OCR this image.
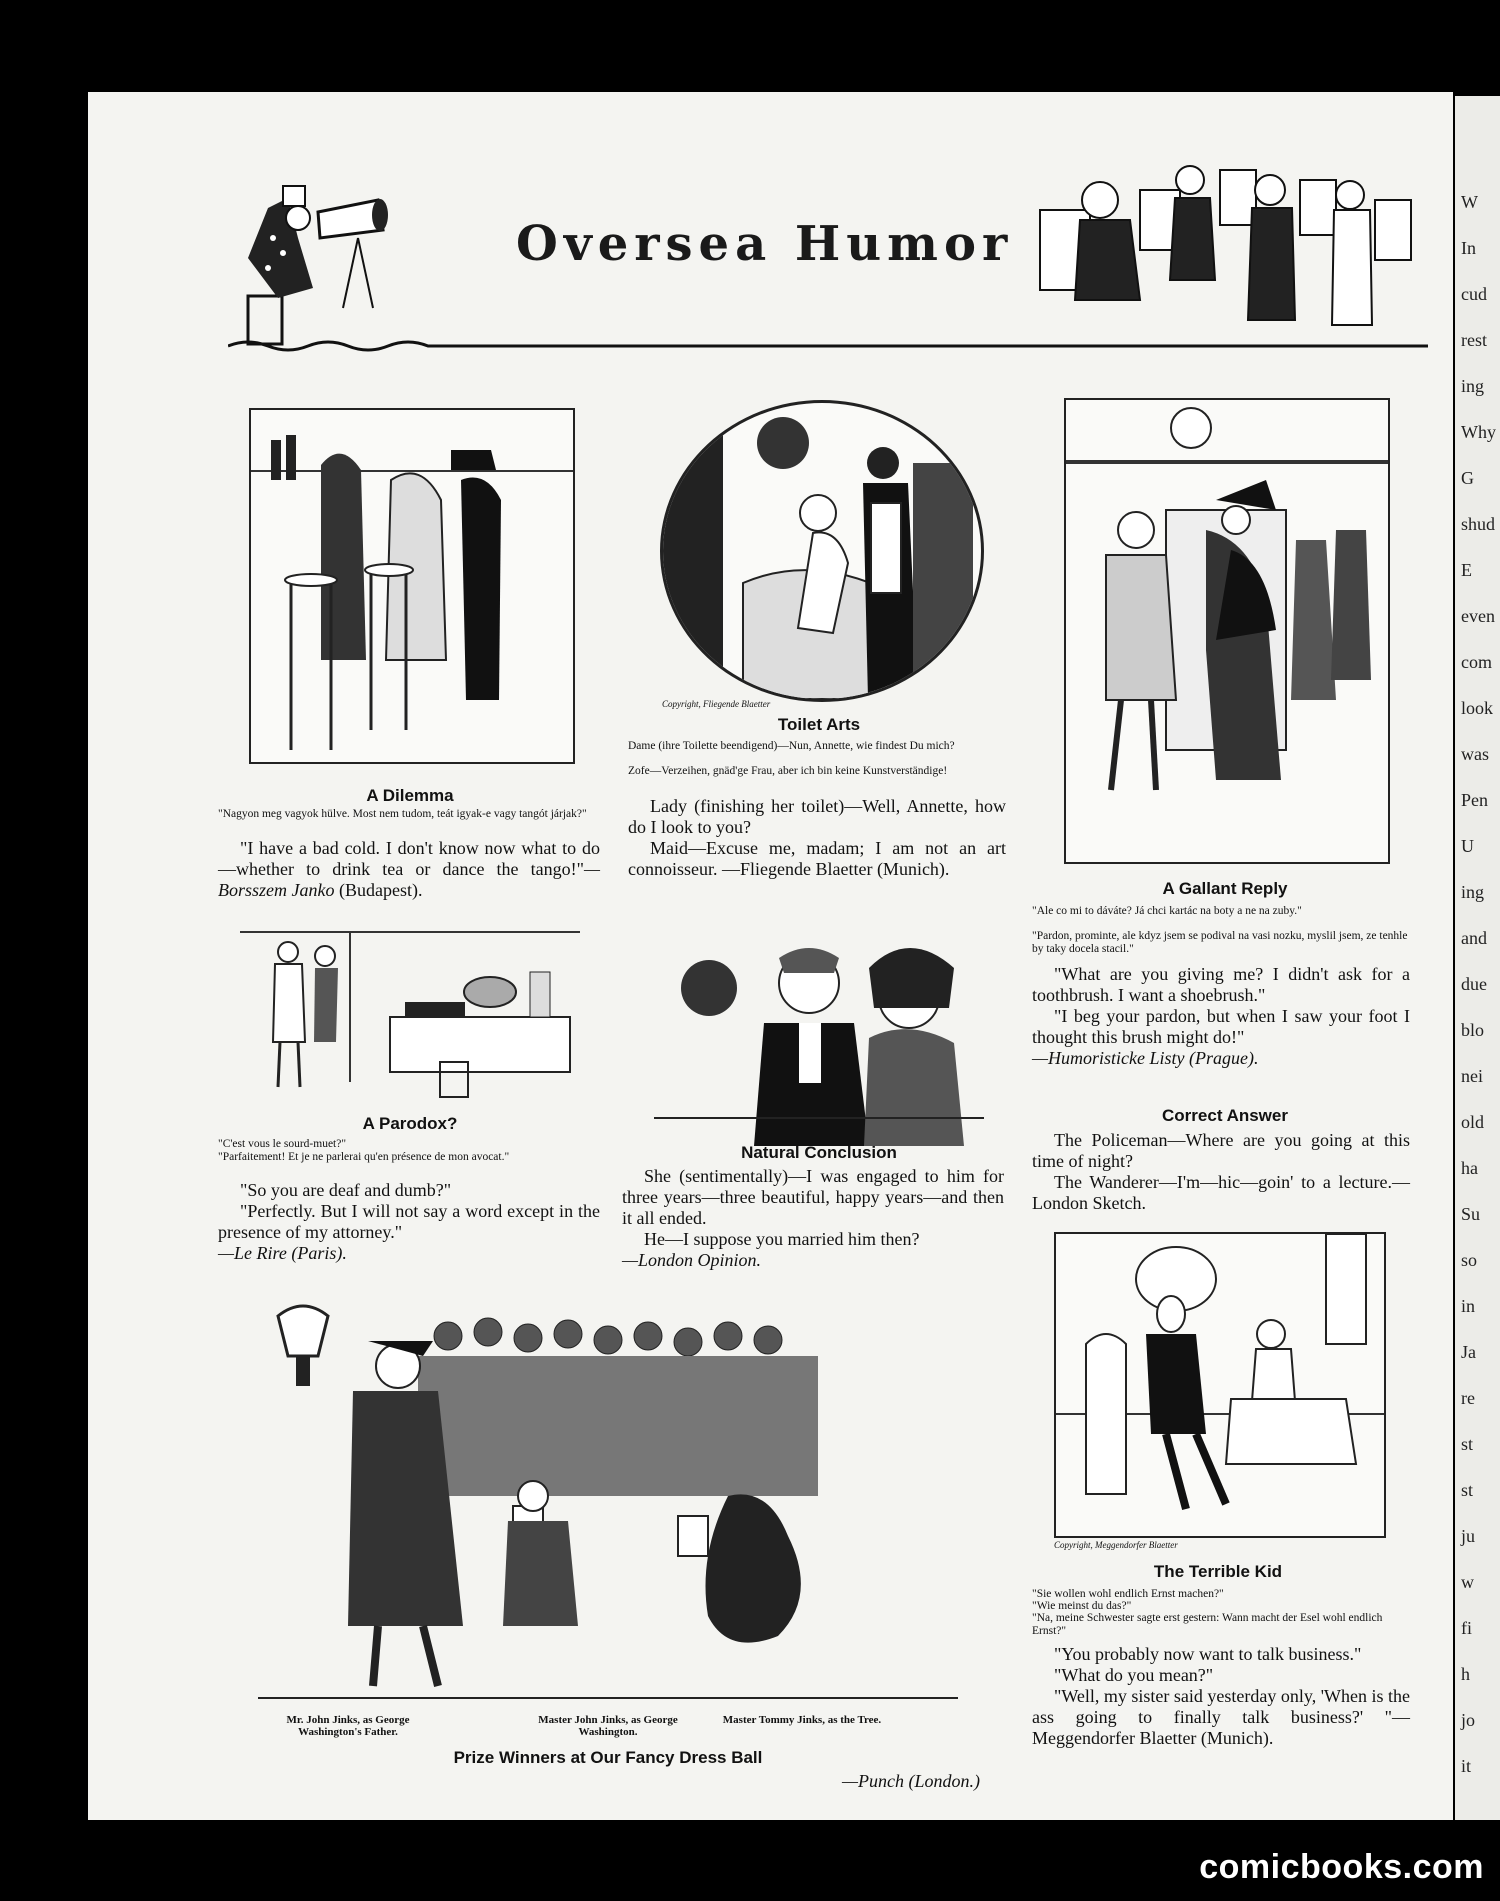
W
In
cud
rest
ing
Why
G
shud
E
even
com
look
was
Pen
U
ing
and
due
blo
nei
old
ha
Su
so
in
Ja
re
st
st
ju
w
fi
h
jo
it
Oversea Humor
A Dilemma
"Nagyon meg vagyok hülve. Most nem tudom, teát igyak-e vagy tangót járjak?"

"I have a bad cold. I don't know now what to do—whether to drink tea or dance the tango!"—Borsszem Janko (Budapest).

Copyright, Fliegende Blaetter
Toilet Arts
Dame (ihre Toilette beendigend)—Nun, Annette, wie findest Du mich?
Zofe—Verzeihen, gnäd'ge Frau, aber ich bin keine Kunstverständige!

Lady (finishing her toilet)—Well, Annette, how do I look to you?

Maid—Excuse me, madam; I am not an art connoisseur. —Fliegende Blaetter (Munich).

A Gallant Reply
"Ale co mi to dáváte? Já chci kartác na boty a ne na zuby."
"Pardon, prominte, ale kdyz jsem se podival na vasi nozku, myslil jsem, ze tenhle by taky docela stacil."

"What are you giving me? I didn't ask for a toothbrush. I want a shoebrush."

"I beg your pardon, but when I saw your foot I thought this brush might do!"

—Humoristicke Listy (Prague).

A Parodox?
"C'est vous le sourd-muet?"
"Parfaitement! Et je ne parlerai qu'en présence de mon avocat."

"So you are deaf and dumb?"

"Perfectly. But I will not say a word except in the presence of my attorney."

—Le Rire (Paris).

Natural Conclusion

She (sentimentally)—I was engaged to him for three years—three beautiful, happy years—and then it all ended.

He—I suppose you married him then?

—London Opinion.

Correct Answer

The Policeman—Where are you going at this time of night?

The Wanderer—I'm—hic—goin' to a lecture.—London Sketch.

Copyright, Meggendorfer Blaetter
The Terrible Kid
"Sie wollen wohl endlich Ernst machen?"
"Wie meinst du das?"
"Na, meine Schwester sagte erst gestern: Wann macht der Esel wohl endlich Ernst?"

"You probably now want to talk business."

"What do you mean?"

"Well, my sister said yesterday only, 'When is the ass going to finally talk business?' "—Meggendorfer Blaetter (Munich).

Mr. John Jinks, as George Washington's Father.
Master John Jinks, as George Washington.
Master Tommy Jinks, as the Tree.
Prize Winners at Our Fancy Dress Ball
—Punch (London.)
comicbooks.com
